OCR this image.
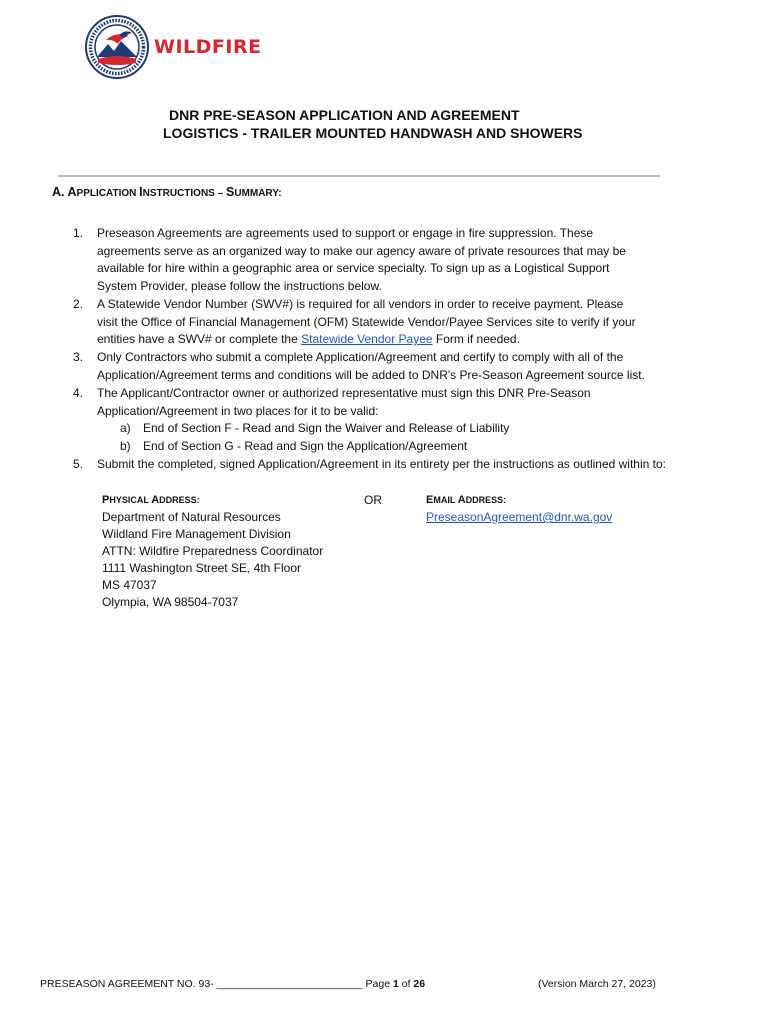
WILDFIRE
DNR PRE-SEASON APPLICATION AND AGREEMENT
LOGISTICS - TRAILER MOUNTED HANDWASH AND SHOWERS
A. APPLICATION INSTRUCTIONS – SUMMARY:
1.	Preseason Agreements are agreements used to support or engage in fire suppression. These
agreements serve as an organized way to make our agency aware of private resources that may be
available for hire within a geographic area or service specialty. To sign up as a Logistical Support
System Provider, please follow the instructions below.
2.	A Statewide Vendor Number (SWV#) is required for all vendors in order to receive payment. Please
visit the Office of Financial Management (OFM) Statewide Vendor/Payee Services site to verify if your
entities have a SWV# or complete the Statewide Vendor Payee Form if needed.
3.	Only Contractors who submit a complete Application/Agreement and certify to comply with all of the
Application/Agreement terms and conditions will be added to DNR's Pre-Season Agreement source list.
4.	The Applicant/Contractor owner or authorized representative must sign this DNR Pre-Season
Application/Agreement in two places for it to be valid:
a) End of Section F - Read and Sign the Waiver and Release of Liability
b) End of Section G - Read and Sign the Application/Agreement
5.	Submit the completed, signed Application/Agreement in its entirety per the instructions as outlined within to:
PHYSICAL ADDRESS:
Department of Natural Resources
Wildland Fire Management Division
ATTN: Wildfire Preparedness Coordinator
1111 Washington Street SE, 4th Floor
MS 47037
Olympia, WA 98504-7037
OR	EMAIL ADDRESS:
PreseasonAgreement@dnr.wa.gov
PRESEASON AGREEMENT NO. 93- _________________________ Page 1 of 26	(Version March 27, 2023)
